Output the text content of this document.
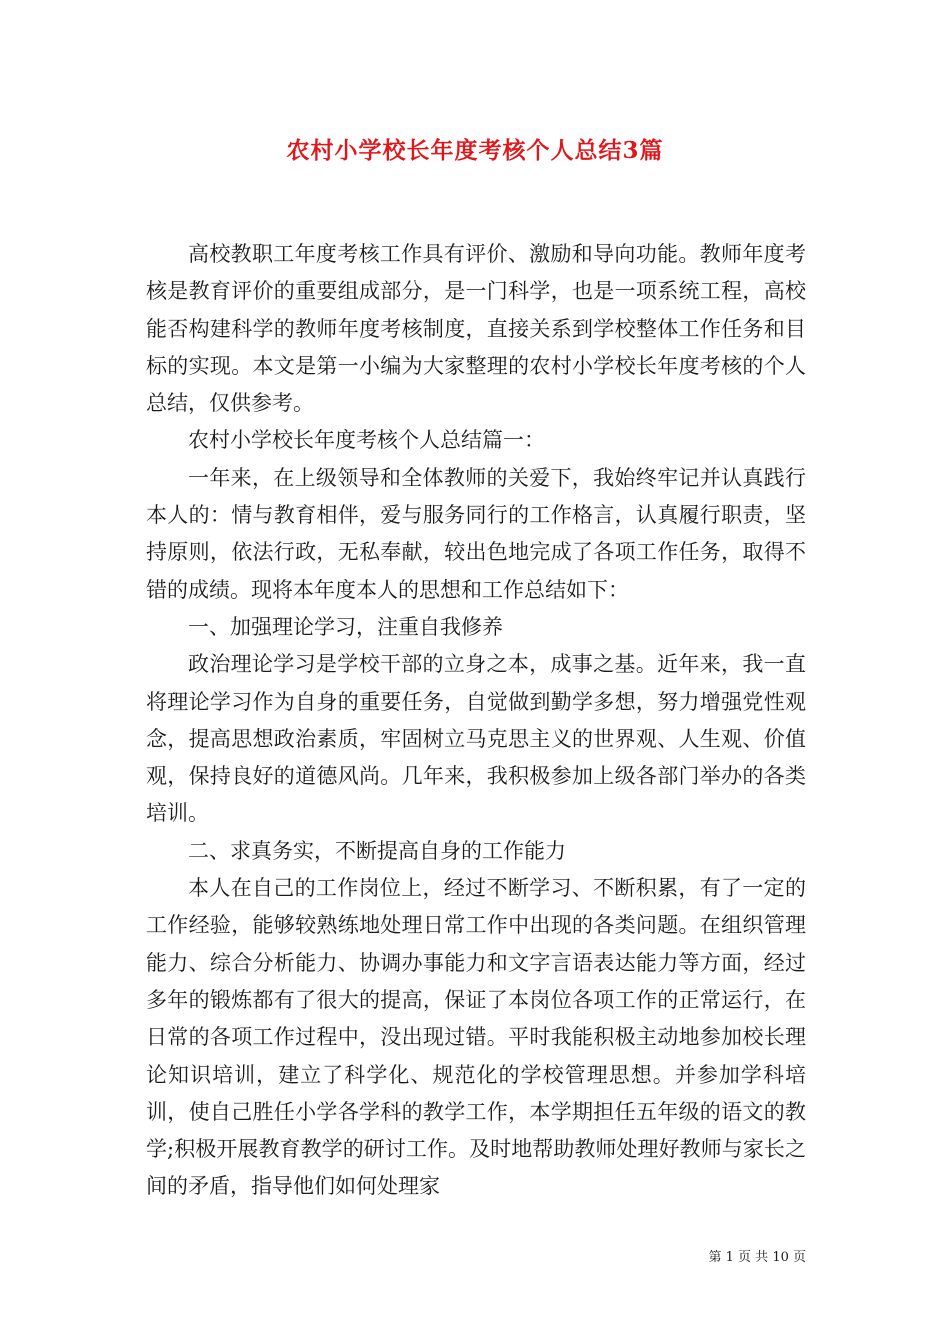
农村小学校长年度考核个人总结3篇

高校教职工年度考核工作具有评价、激励和导向功能。教师年度考核是教育评价的重要组成部分，是一门科学，也是一项系统工程，高校能否构建科学的教师年度考核制度，直接关系到学校整体工作任务和目标的实现。本文是第一小编为大家整理的农村小学校长年度考核的个人总结，仅供参考。

农村小学校长年度考核个人总结篇一：

一年来，在上级领导和全体教师的关爱下，我始终牢记并认真践行本人的：情与教育相伴，爱与服务同行的工作格言，认真履行职责，坚持原则，依法行政，无私奉献，较出色地完成了各项工作任务，取得不错的成绩。现将本年度本人的思想和工作总结如下：

一、加强理论学习，注重自我修养

政治理论学习是学校干部的立身之本，成事之基。近年来，我一直将理论学习作为自身的重要任务，自觉做到勤学多想，努力增强党性观念，提高思想政治素质，牢固树立马克思主义的世界观、人生观、价值观，保持良好的道德风尚。几年来，我积极参加上级各部门举办的各类培训。

二、求真务实，不断提高自身的工作能力

本人在自己的工作岗位上，经过不断学习、不断积累，有了一定的工作经验，能够较熟练地处理日常工作中出现的各类问题。在组织管理能力、综合分析能力、协调办事能力和文字言语表达能力等方面，经过多年的锻炼都有了很大的提高，保证了本岗位各项工作的正常运行，在日常的各项工作过程中，没出现过错。平时我能积极主动地参加校长理论知识培训，建立了科学化、规范化的学校管理思想。并参加学科培训，使自己胜任小学各学科的教学工作，本学期担任五年级的语文的教学;积极开展教育教学的研讨工作。及时地帮助教师处理好教师与家长之间的矛盾，指导他们如何处理家

第 1 页 共 10 页
